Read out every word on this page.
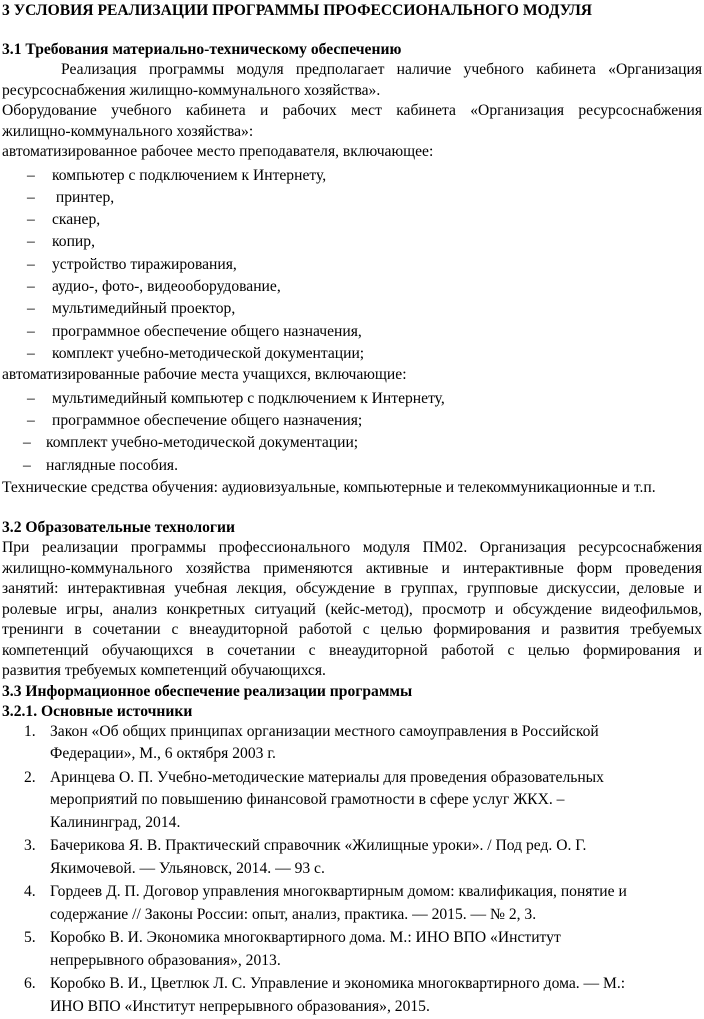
3 УСЛОВИЯ РЕАЛИЗАЦИИ ПРОГРАММЫ ПРОФЕССИОНАЛЬНОГО МОДУЛЯ
3.1 Требования материально-техническому обеспечению
Реализация программы модуля предполагает наличие учебного кабинета «Организация
ресурсоснабжения жилищно-коммунального хозяйства».
Оборудование учебного кабинета и рабочих мест кабинета «Организация ресурсоснабжения
жилищно-коммунального хозяйства»:
автоматизированное рабочее место преподавателя, включающее:
– компьютер с подключением к Интернету,
– принтер,
– сканер,
– копир,
– устройство тиражирования,
– аудио-, фото-, видеооборудование,
– мультимедийный проектор,
– программное обеспечение общего назначения,
– комплект учебно-методической документации;
автоматизированные рабочие места учащихся, включающие:
– мультимедийный компьютер с подключением к Интернету,
– программное обеспечение общего назначения;
– комплект учебно-методической документации;
– наглядные пособия.
Технические средства обучения: аудиовизуальные, компьютерные и телекоммуникационные и т.п.
3.2 Образовательные технологии
При реализации программы профессионального модуля ПМ02. Организация ресурсоснабжения
жилищно-коммунального хозяйства применяются активные и интерактивные форм проведения
занятий: интерактивная учебная лекция, обсуждение в группах, групповые дискуссии, деловые и
ролевые игры, анализ конкретных ситуаций (кейс-метод), просмотр и обсуждение видеофильмов,
тренинги в сочетании с внеаудиторной работой с целью формирования и развития требуемых
компетенций обучающихся в сочетании с внеаудиторной работой с целью формирования и
развития требуемых компетенций обучающихся.
3.3 Информационное обеспечение реализации программы
3.2.1. Основные источники
1. Закон «Об общих принципах организации местного самоуправления в Российской
Федерации», М., 6 октября 2003 г.
2. Аринцева О. П. Учебно-методические материалы для проведения образовательных
мероприятий по повышению финансовой грамотности в сфере услуг ЖКХ. –
Калининград, 2014.
3. Бачерикова Я. В. Практический справочник «Жилищные уроки». / Под ред. О. Г.
Якимочевой. — Ульяновск, 2014. — 93 с.
4. Гордеев Д. П. Договор управления многоквартирным домом: квалификация, понятие и
содержание // Законы России: опыт, анализ, практика. — 2015. — № 2, 3.
5. Коробко В. И. Экономика многоквартирного дома. М.: ИНО ВПО «Институт
непрерывного образования», 2013.
6. Коробко В. И., Цветлюк Л. С. Управление и экономика многоквартирного дома. — М.:
ИНО ВПО «Институт непрерывного образования», 2015.
